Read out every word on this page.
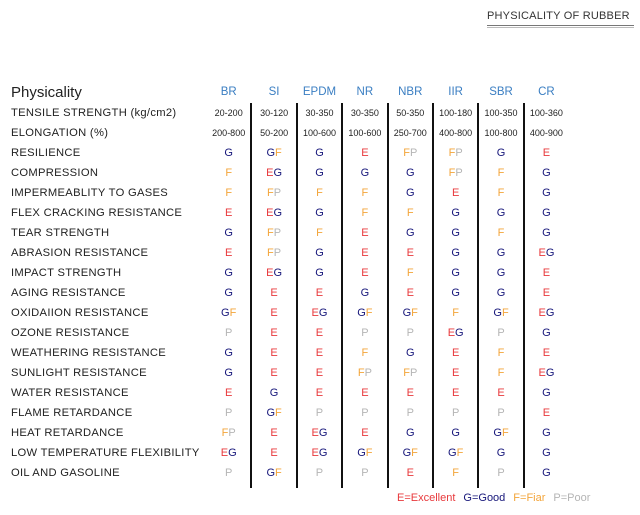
PHYSICALITY OF RUBBER
Physicality	BR	SI	EPDM	NR	NBR	IIR	SBR	CR
TENSILE STRENGTH (kg/cm2)	20-200	30-120	30-350	30-350	50-350	100-180	100-350	100-360
ELONGATION (%)	200-800	50-200	100-600	100-600	250-700	400-800	100-800	400-900
RESILIENCE	G	GF	G	E	FP	FP	G	E
COMPRESSION	F	EG	G	G	G	FP	F	G
IMPERMEABLITY TO GASES	F	FP	F	F	G	E	F	G
FLEX CRACKING RESISTANCE	E	EG	G	F	F	G	G	G
TEAR STRENGTH	G	FP	F	E	G	G	F	G
ABRASION RESISTANCE	E	FP	G	E	E	G	G	EG
IMPACT STRENGTH	G	EG	G	E	F	G	G	E
AGING RESISTANCE	G	E	E	G	E	G	G	E
OXIDAIION RESISTANCE	GF	E	EG	GF	GF	F	GF	EG
OZONE RESISTANCE	P	E	E	P	P	EG	P	G
WEATHERING RESISTANCE	G	E	E	F	G	E	F	E
SUNLIGHT RESISTANCE	G	E	E	FP	FP	E	F	EG
WATER RESISTANCE	E	G	E	E	E	E	E	G
FLAME RETARDANCE	P	GF	P	P	P	P	P	E
HEAT RETARDANCE	FP	E	EG	E	G	G	GF	G
LOW TEMPERATURE FLEXIBILITY	EG	E	EG	GF	GF	GF	G	G
OIL AND GASOLINE	P	GF	P	P	E	F	P	G
E=Excellent G=Good F=Fiar P=Poor
